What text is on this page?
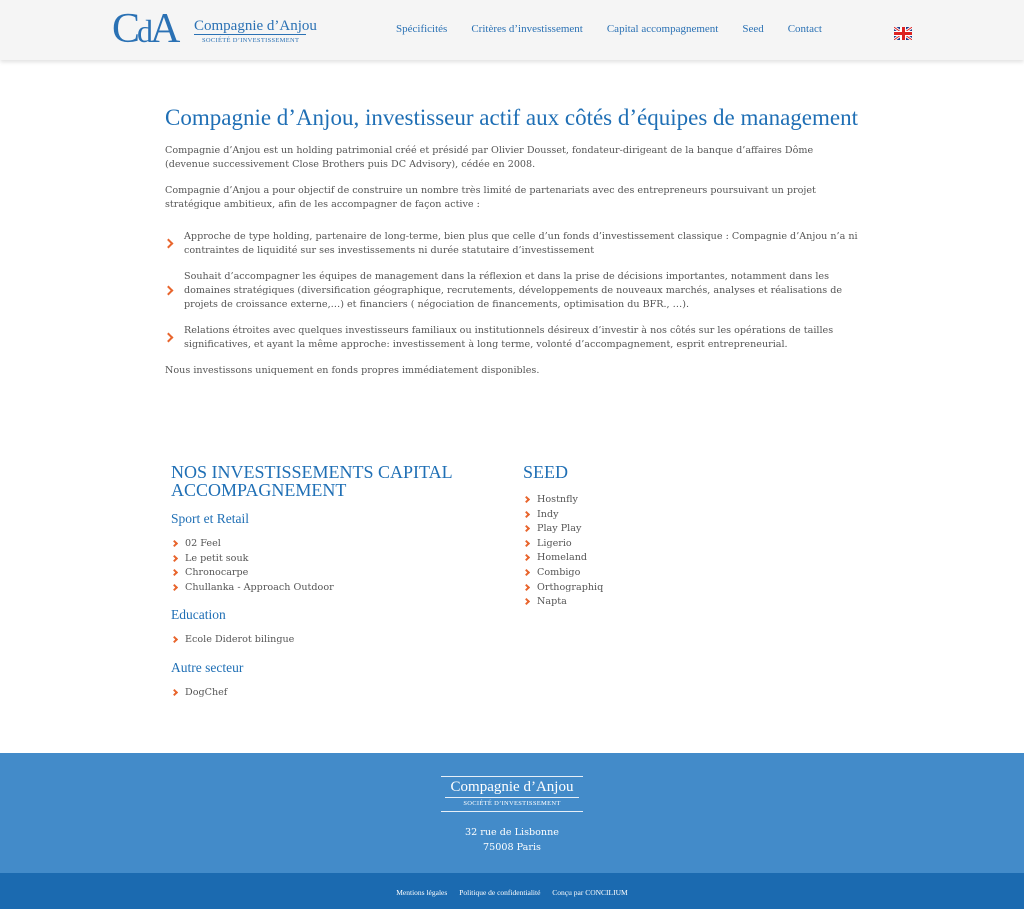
CdA Compagnie d’Anjou
SOCIÉTÉ D’INVESTISSEMENT
Spécificités Critères d’investissement Capital accompagnement Seed Contact
Compagnie d’Anjou, investisseur actif aux côtés d’équipes de management

Compagnie d’Anjou est un holding patrimonial créé et présidé par Olivier Dousset, fondateur-dirigeant de la banque d’affaires Dôme (devenue successivement Close Brothers puis DC Advisory), cédée en 2008.

Compagnie d’Anjou a pour objectif de construire un nombre très limité de partenariats avec des entrepreneurs poursuivant un projet stratégique ambitieux, afin de les accompagner de façon active :

Approche de type holding, partenaire de long-terme, bien plus que celle d’un fonds d’investissement classique : Compagnie d’Anjou n’a ni contraintes de liquidité sur ses investissements ni durée statutaire d’investissement
Souhait d’accompagner les équipes de management dans la réflexion et dans la prise de décisions importantes, notamment dans les domaines stratégiques (diversification géographique, recrutements, développements de nouveaux marchés, analyses et réalisations de projets de croissance externe,…) et financiers ( négociation de financements, optimisation du BFR., …).
Relations étroites avec quelques investisseurs familiaux ou institutionnels désireux d’investir à nos côtés sur les opérations de tailles significatives, et ayant la même approche: investissement à long terme, volonté d’accompagnement, esprit entrepreneurial.

Nous investissons uniquement en fonds propres immédiatement disponibles.

NOS INVESTISSEMENTS CAPITAL ACCOMPAGNEMENT
Sport et Retail
02 Feel
Le petit souk
Chronocarpe
Chullanka - Approach Outdoor
Education
Ecole Diderot bilingue
Autre secteur
DogChef
SEED
Hostnfly
Indy
Play Play
Ligerio
Homeland
Combigo
Orthographiq
Napta
Compagnie d’Anjou
SOCIÉTÉ D’INVESTISSEMENT
32 rue de Lisbonne
75008 Paris
Mentions légales Politique de confidentialité Conçu par CONCILIUM
